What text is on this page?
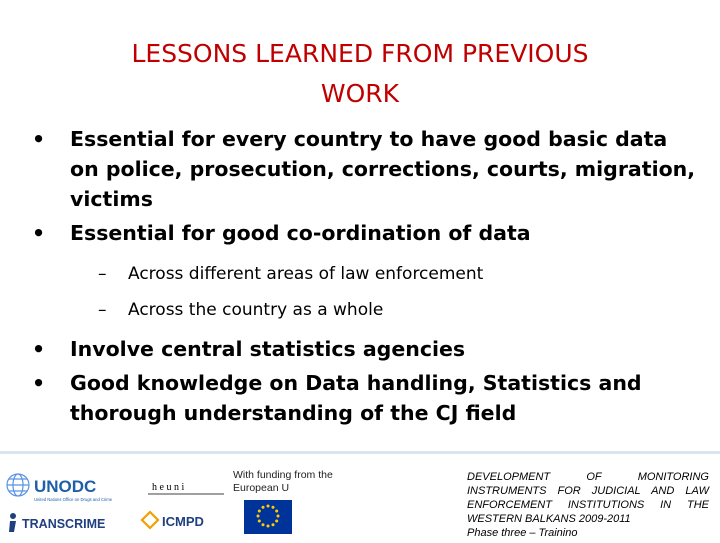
LESSONS LEARNED FROM PREVIOUS
WORK
• Essential for every country to have good basic data on police, prosecution, corrections, courts, migration, victims
• Essential for good co-ordination of data
– Across different areas of law enforcement
– Across the country as a whole
• Involve central statistics agencies
• Good knowledge on Data handling, Statistics and thorough understanding of the CJ field
UNODC
United Nations Office on Drugs and Crime
h e u n i
TRANSCRIME	ICMPD
With funding from the European U
DEVELOPMENT OF MONITORING INSTRUMENTS FOR JUDICIAL AND LAW ENFORCEMENT INSTITUTIONS IN THE WESTERN BALKANS 2009-2011
Phase three – Trainino
